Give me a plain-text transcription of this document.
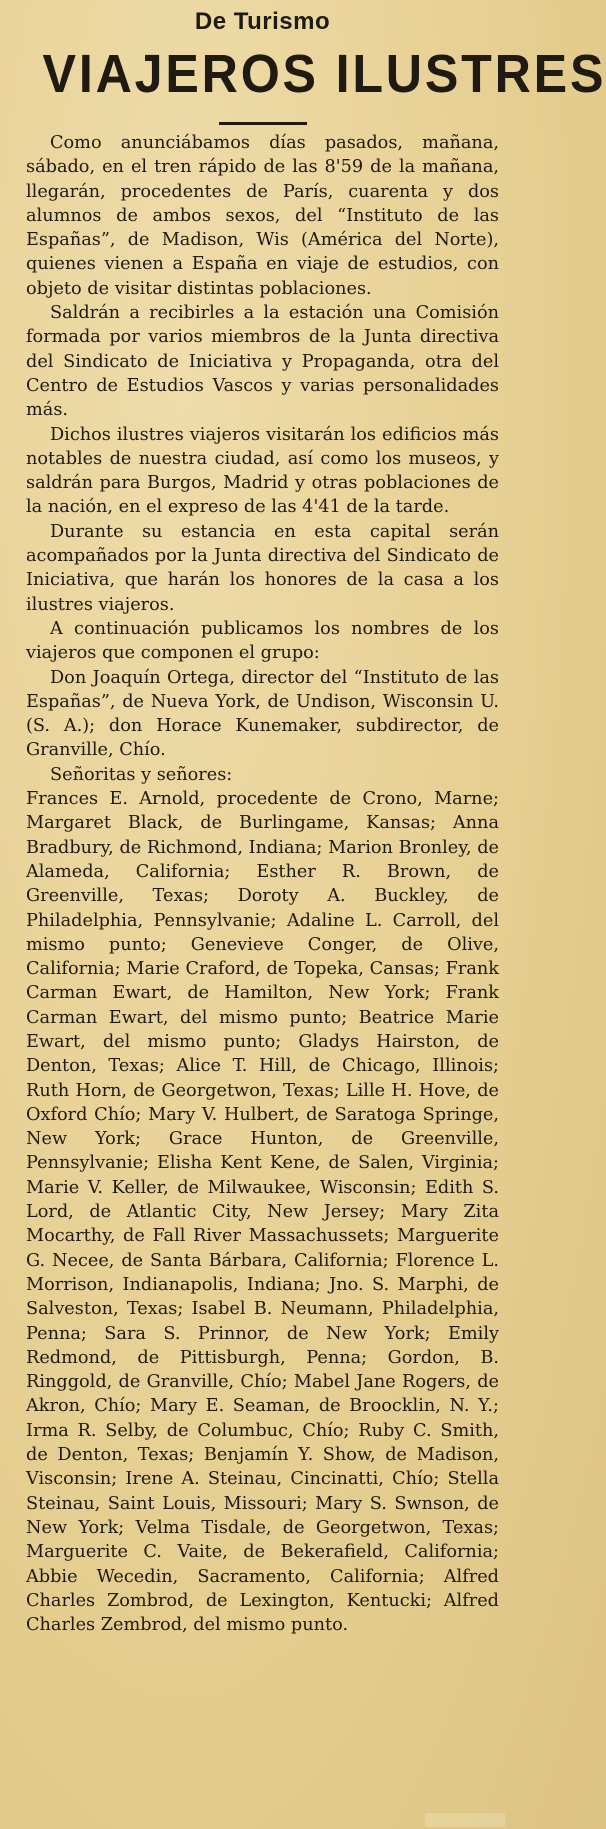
De Turismo
VIAJEROS ILUSTRES

Como anunciábamos días pasados, mañana, sábado, en el tren rápido de las 8'59 de la mañana, llegarán, procedentes de París, cuarenta y dos alumnos de ambos sexos, del “Instituto de las Españas”, de Madison, Wis (América del Norte), quienes vienen a España en viaje de estudios, con objeto de visitar distintas poblaciones.

Saldrán a recibirles a la estación una Comisión formada por varios miembros de la Junta directiva del Sindicato de Iniciativa y Propaganda, otra del Centro de Estudios Vascos y varias personalidades más.

Dichos ilustres viajeros visitarán los edificios más notables de nuestra ciudad, así como los museos, y saldrán para Burgos, Madrid y otras poblaciones de la nación, en el expreso de las 4'41 de la tarde.

Durante su estancia en esta capital serán acompañados por la Junta directiva del Sindicato de Iniciativa, que harán los honores de la casa a los ilustres viajeros.

A continuación publicamos los nombres de los viajeros que componen el grupo:

Don Joaquín Ortega, director del “Instituto de las Españas”, de Nueva York, de Undison, Wisconsin U. (S. A.); don Horace Kunemaker, subdirector, de Granville, Chío.

Señoritas y señores:

Frances E. Arnold, procedente de Crono, Marne; Margaret Black, de Burlingame, Kansas; Anna Bradbury, de Richmond, Indiana; Marion Bronley, de Alameda, California; Esther R. Brown, de Greenville, Texas; Doroty A. Buckley, de Philadelphia, Pennsylvanie; Adaline L. Carroll, del mismo punto; Genevieve Conger, de Olive, California; Marie Craford, de Topeka, Cansas; Frank Carman Ewart, de Hamilton, New York; Frank Carman Ewart, del mismo punto; Beatrice Marie Ewart, del mismo punto; Gladys Hairston, de Denton, Texas; Alice T. Hill, de Chicago, Illinois; Ruth Horn, de Georgetwon, Texas; Lille H. Hove, de Oxford Chío; Mary V. Hulbert, de Saratoga Springe, New York; Grace Hunton, de Greenville, Pennsylvanie; Elisha Kent Kene, de Salen, Virginia; Marie V. Keller, de Milwaukee, Wisconsin; Edith S. Lord, de Atlantic City, New Jersey; Mary Zita Mocarthy, de Fall River Massachussets; Marguerite G. Necee, de Santa Bárbara, California; Florence L. Morrison, Indianapolis, Indiana; Jno. S. Marphi, de Salveston, Texas; Isabel B. Neumann, Philadelphia, Penna; Sara S. Prinnor, de New York; Emily Redmond, de Pittisburgh, Penna; Gordon, B. Ringgold, de Granville, Chío; Mabel Jane Rogers, de Akron, Chío; Mary E. Seaman, de Broocklin, N. Y.; Irma R. Selby, de Columbuc, Chío; Ruby C. Smith, de Denton, Texas; Benjamín Y. Show, de Madison, Visconsin; Irene A. Steinau, Cincinatti, Chío; Stella Steinau, Saint Louis, Missouri; Mary S. Swnson, de New York; Velma Tisdale, de Georgetwon, Texas; Marguerite C. Vaite, de Bekerafield, California; Abbie Wecedin, Sacramento, California; Alfred Charles Zombrod, de Lexington, Kentucki; Alfred Charles Zembrod, del mismo punto.
